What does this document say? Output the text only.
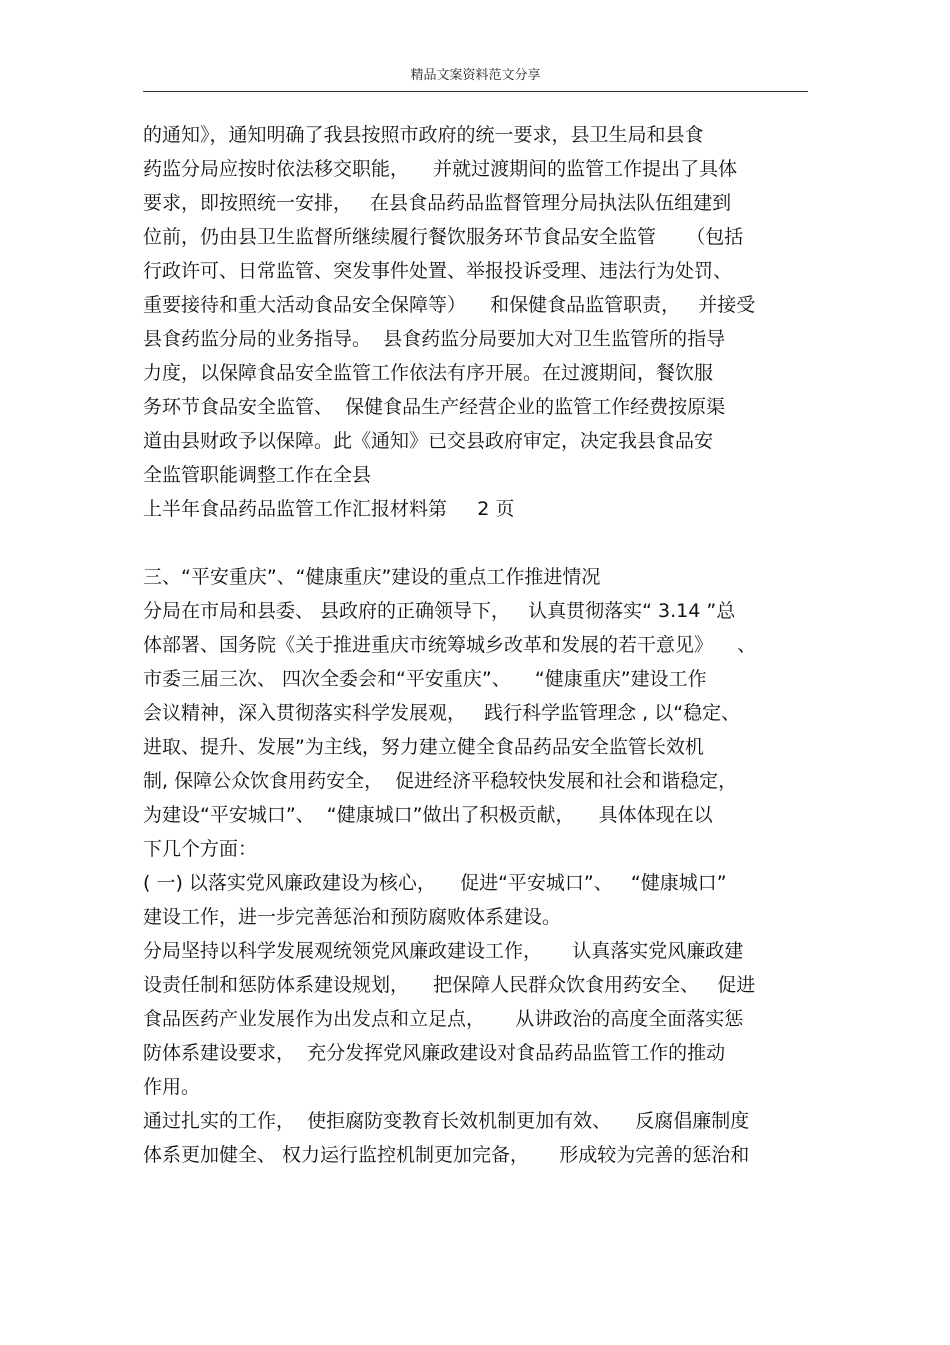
精品文案资料范文分享
的通知》，通知明确了我县按照市政府的统一要求，县卫生局和县食
药监分局应按时依法移交职能，    并就过渡期间的监管工作提出了具体
要求，即按照统一安排，   在县食品药品监督管理分局执法队伍组建到
位前，仍由县卫生监督所继续履行餐饮服务环节食品安全监管     （包括
行政许可、日常监管、突发事件处置、举报投诉受理、违法行为处罚、
重要接待和重大活动食品安全保障等）    和保健食品监管职责，   并接受
县食药监分局的业务指导。  县食药监分局要加大对卫生监管所的指导
力度，以保障食品安全监管工作依法有序开展。在过渡期间，餐饮服
务环节食品安全监管、  保健食品生产经营企业的监管工作经费按原渠
道由县财政予以保障。此《通知》已交县政府审定，决定我县食品安
全监管职能调整工作在全县
上半年食品药品监管工作汇报材料第     2 页
三、“平安重庆”、“健康重庆”建设的重点工作推进情况
分局在市局和县委、 县政府的正确领导下，   认真贯彻落实“ 3.14 ”总
体部署、国务院《关于推进重庆市统筹城乡改革和发展的若干意见》    、
市委三届三次、 四次全委会和“平安重庆”、    “健康重庆”建设工作
会议精神，深入贯彻落实科学发展观，   践行科学监管理念 , 以“稳定、
进取、提升、发展”为主线，努力建立健全食品药品安全监管长效机
制, 保障公众饮食用药安全，  促进经济平稳较快发展和社会和谐稳定，
为建设“平安城口”、  “健康城口”做出了积极贡献，    具体体现在以
下几个方面：
( 一) 以落实党风廉政建设为核心，    促进“平安城口”、   “健康城口”
建设工作，进一步完善惩治和预防腐败体系建设。
分局坚持以科学发展观统领党风廉政建设工作，     认真落实党风廉政建
设责任制和惩防体系建设规划，    把保障人民群众饮食用药安全、   促进
食品医药产业发展作为出发点和立足点，     从讲政治的高度全面落实惩
防体系建设要求，  充分发挥党风廉政建设对食品药品监管工作的推动
作用。
通过扎实的工作，  使拒腐防变教育长效机制更加有效、    反腐倡廉制度
体系更加健全、 权力运行监控机制更加完备，     形成较为完善的惩治和
